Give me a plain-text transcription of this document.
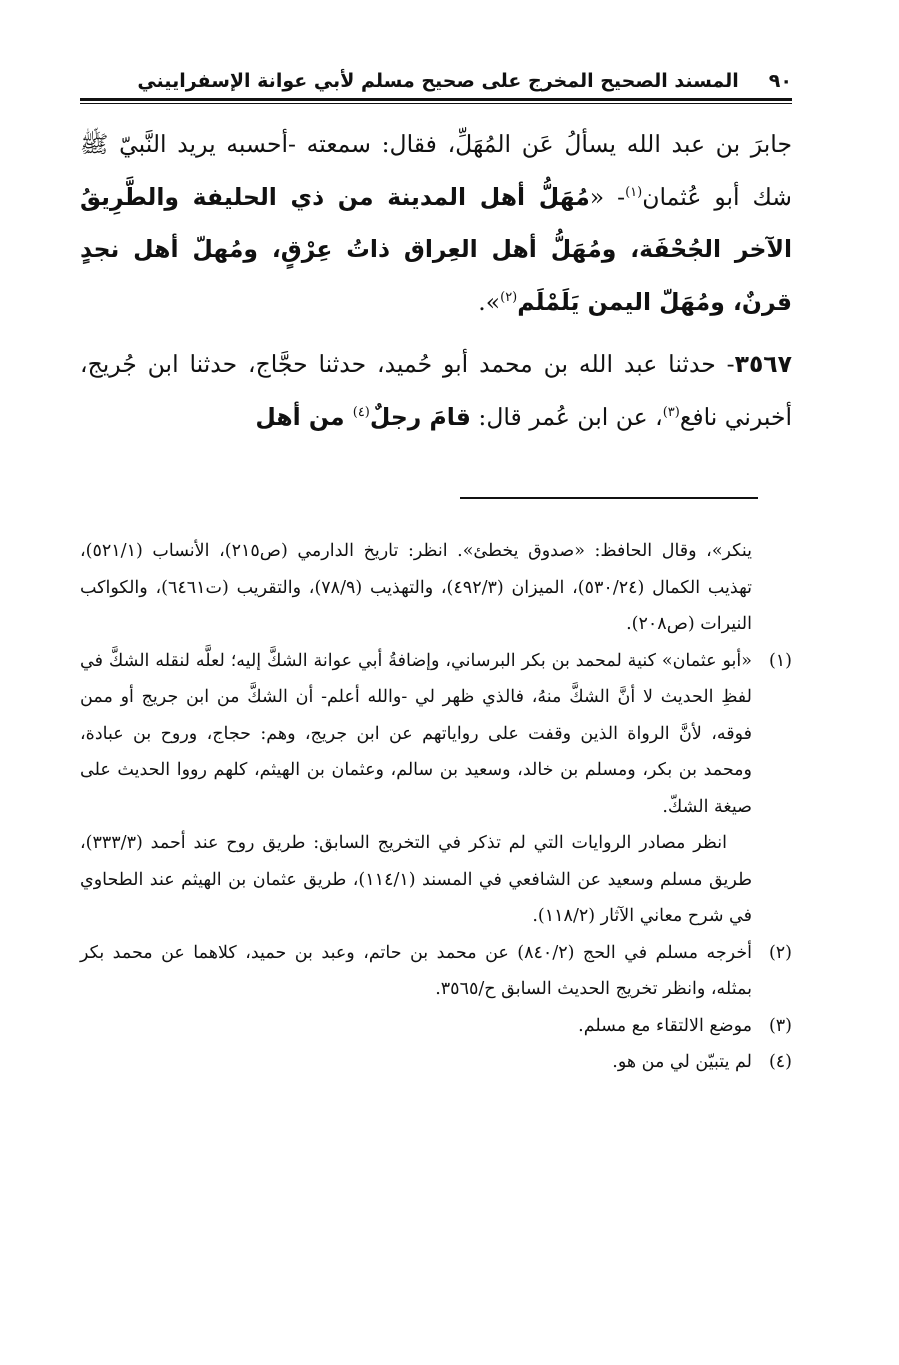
٩٠
المسند الصحيح المخرج على صحيح مسلم لأبي عوانة الإسفراييني

جابرَ بن عبد الله يسألُ عَن المُهَلِّ، فقال: سمعته -أحسبه يريد النَّبيّ ﷺ شك أبو عُثمان$^{(١)}$- «مُهَلُّ أهل المدينة من ذي الحليفة والطَّرِيقُ الآخر الجُحْفَة، ومُهَلُّ أهل العِراق ذاتُ عِرْقٍ، ومُهلّ أهل نجدٍ قرنٌ، ومُهَلّ اليمن يَلَمْلَم$^{(٢)}$».

٣٥٦٧- حدثنا عبد الله بن محمد أبو حُميد، حدثنا حجَّاج، حدثنا ابن جُريج، أخبرني نافع$^{(٣)}$، عن ابن عُمر قال: قامَ رجلٌ$^{(٤)}$ من أهل

ينكر»، وقال الحافظ: «صدوق يخطئ». انظر: تاريخ الدارمي (ص٢١٥)، الأنساب (٥٢١/١)، تهذيب الكمال (٥٣٠/٢٤)، الميزان (٤٩٢/٣)، والتهذيب (٧٨/٩)، والتقريب (ت٦٤٦١)، والكواكب النيرات (ص٢٠٨).

(١)
«أبو عثمان» كنية لمحمد بن بكر البرساني، وإضافةُ أبي عوانة الشكَّ إليه؛ لعلَّه لنقله الشكَّ في لفظِ الحديث لا أنَّ الشكَّ منهُ، فالذي ظهر لي -والله أعلم- أن الشكَّ من ابن جريج أو ممن فوقه، لأنَّ الرواة الذين وقفت على رواياتهم عن ابن جريج، وهم: حجاج، وروح بن عبادة، ومحمد بن بكر، ومسلم بن خالد، وسعيد بن سالم، وعثمان بن الهيثم، كلهم رووا الحديث على صيغة الشكّ.

انظر مصادر الروايات التي لم تذكر في التخريج السابق: طريق روح عند أحمد (٣٣٣/٣)، طريق مسلم وسعيد عن الشافعي في المسند (١١٤/١)، طريق عثمان بن الهيثم عند الطحاوي في شرح معاني الآثار (١١٨/٢).

(٢)
أخرجه مسلم في الحج (٨٤٠/٢) عن محمد بن حاتم، وعبد بن حميد، كلاهما عن محمد بكر بمثله، وانظر تخريج الحديث السابق ح/٣٥٦٥.

(٣)
موضع الالتقاء مع مسلم.

(٤)
لم يتبيّن لي من هو.
